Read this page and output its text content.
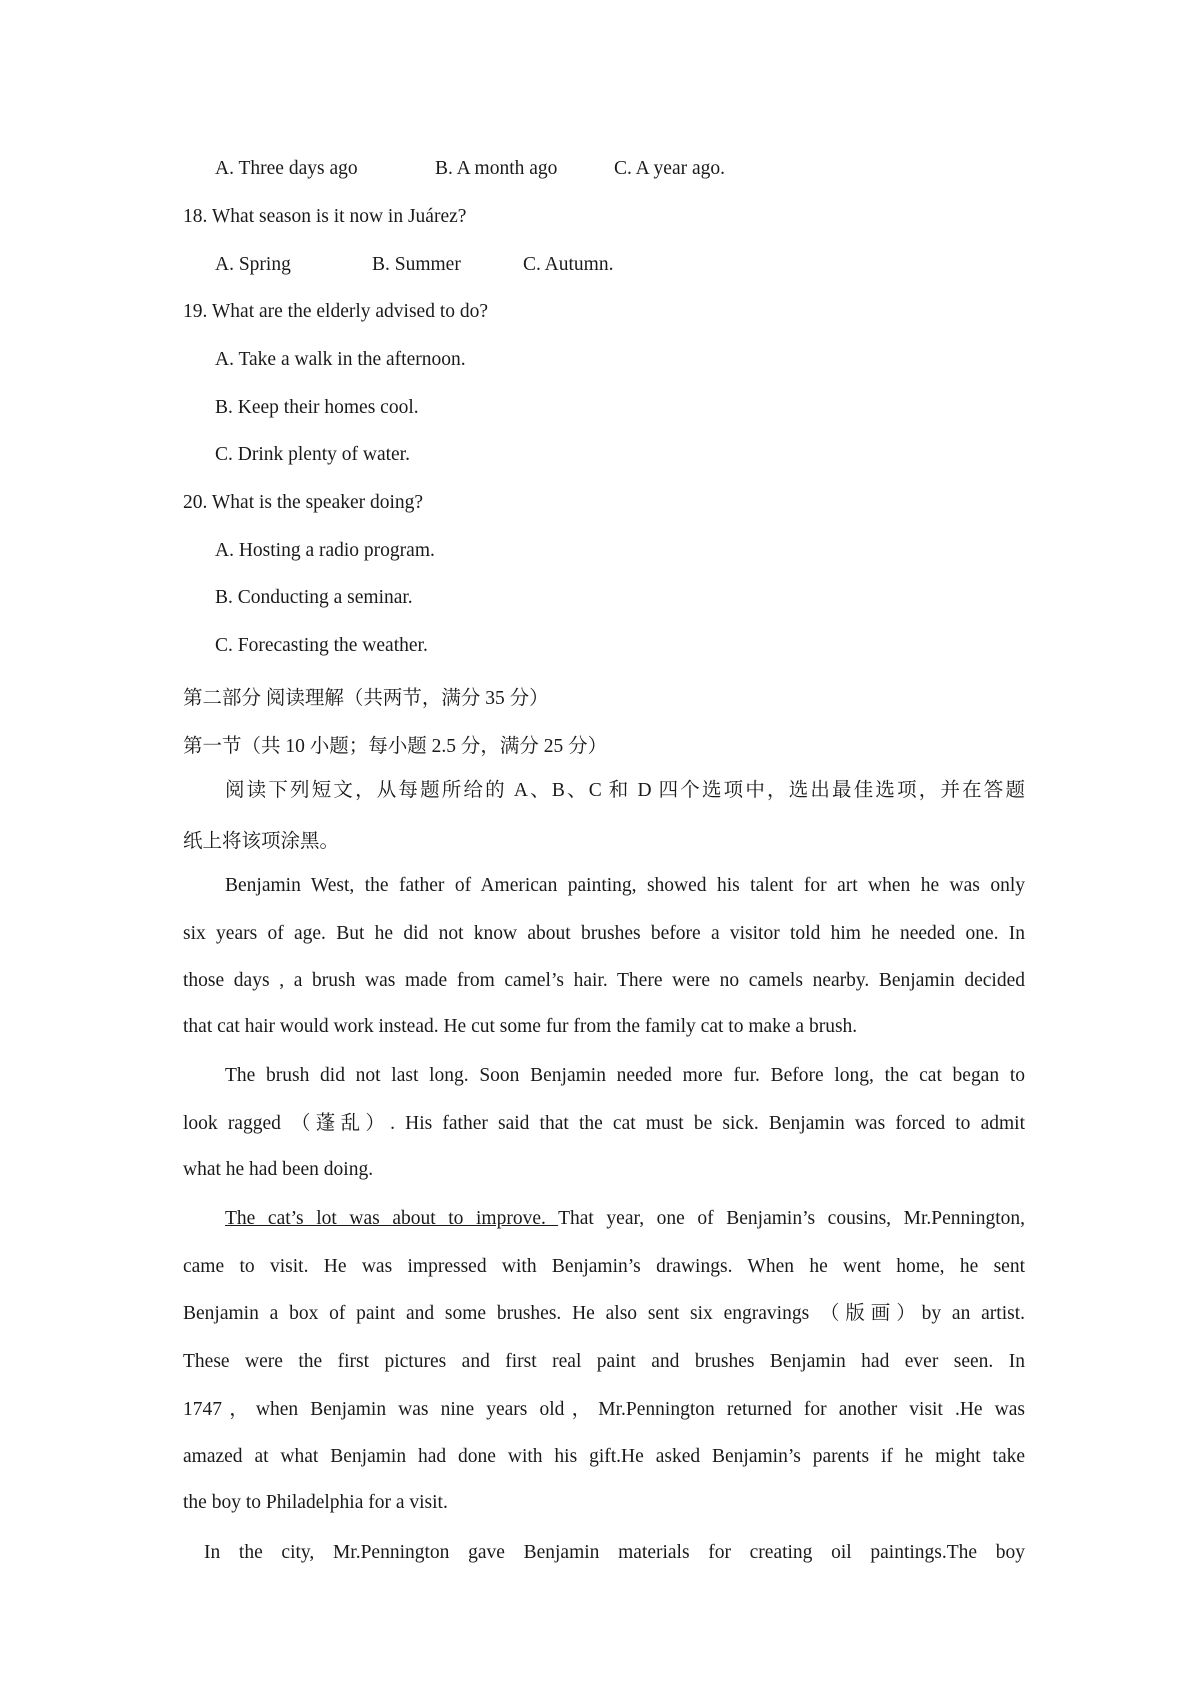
A. Three days ago	B. A month ago	C. A year ago.
18. What season is it now in Juárez?
A. Spring	B. Summer	C. Autumn.
19. What are the elderly advised to do?
A. Take a walk in the afternoon.
B. Keep their homes cool.
C. Drink plenty of water.
20. What is the speaker doing?
A. Hosting a radio program.
B. Conducting a seminar.
C. Forecasting the weather.
第二部分 阅读理解（共两节，满分 35 分）
第一节（共 10 小题；每小题 2.5 分，满分 25 分）
阅读下列短文，从每题所给的 A、B、C 和 D 四个选项中，选出最佳选项，并在答题
纸上将该项涂黑。
Benjamin West, the father of American painting, showed his talent for art when he was only
six years of age. But he did not know about brushes before a visitor told him he needed one. In
those days , a brush was made from camel’s hair. There were no camels nearby. Benjamin decided
that cat hair would work instead. He cut some fur from the family cat to make a brush.
The brush did not last long. Soon Benjamin needed more fur. Before long, the cat began to
look ragged （蓬乱）. His father said that the cat must be sick. Benjamin was forced to admit
what he had been doing.
The cat’s lot was about to improve. That year, one of Benjamin’s cousins, Mr.Pennington,
came to visit. He was impressed with Benjamin’s drawings. When he went home, he sent
Benjamin a box of paint and some brushes. He also sent six engravings （版画）by an artist.
These were the first pictures and first real paint and brushes Benjamin had ever seen. In
1747，when Benjamin was nine years old，Mr.Pennington returned for another visit .He was
amazed at what Benjamin had done with his gift.He asked Benjamin’s parents if he might take
the boy to Philadelphia for a visit.
In the city, Mr.Pennington gave Benjamin materials for creating oil paintings.The boy
